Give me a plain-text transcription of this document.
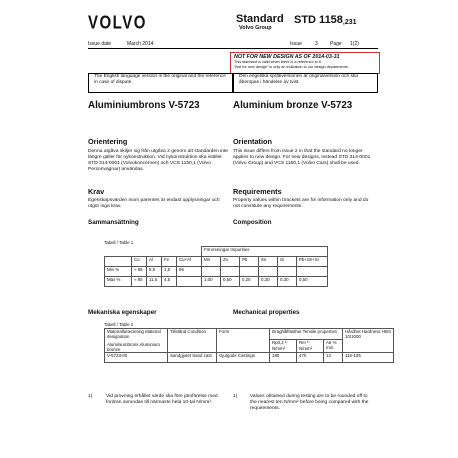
VOLVO	Standard
Volvo Group
STD $1158_{,231}$
Issue date	March 2014	Issue	3 Page 1(2)
NOT FOR NEW DESIGN AS OF 2014-03-31
This standard is valid when there is a reference to it.
"Not for new design" is only an indication to our design departments.
The English language version is the original and the reference in case of dispute.
Den engelska språkversionen är originalversion och ska åberopas i händelse av tvist.
Aluminiumbrons V-5723	Aluminium bronze V-5723
Orientering
Denna utgåva skiljer sig från utgåva 2 genom att standarden inte längre gäller för nykonstruktion. Vid nykonstruktion ska istället STD 314-0001 (Volvokoncernen) och VCS 1150,1 (Volvo Personvagnar) användas.
Orientation
This issue differs from issue 2 in that the standard no longer applies to new design. For new designs, instead STD 314-0001 (Volvo Group) and VCS 1150,1 (Volvo Cars) shall be used.
Krav
Egenskapsvärden inom parentes är endast upplysningar och utgör inga krav.
Requirements
Property values within brackets are for information only and do not constitute any requirements.
Sammansättning	Composition
Tabell / Table 1
					Föroreningar Impurities					
	Cu	Al	Fe	Cu+Al	Mn	Zn	Pb	Sn	Si	Pb+Sn+Si
Min %	≈ 85	8,5	1,5	95						
Max %	≈ 85	11,5	4,5		1,00	0,50	0,25	0,30	0,30	0,50
Mekaniska egenskaper	Mechanical properties
Tabell / Table 2
Materialbeteckning Material designation
Aluminiumbrons Aluminium bronze	Tillstånd Condition	Form	Draghållfasthet Tensile properties			Hårdhet Hardness HBS 10/1000
			Rp0,2 ¹⁾ N/mm²	Rm ¹⁾ N/mm²	A5 % min.	
V-5723-00	Sandgjutet Sand cast	Gjutgods Castings	180	470	13	115-135
1)	Vid provning erhållet värde ska före jämförelse med fordran avrundas till närmaste hela 10-tal N/mm².
1)	Values obtained during testing are to be rounded off to the nearest ten N/mm² before being compared with the requirements.
